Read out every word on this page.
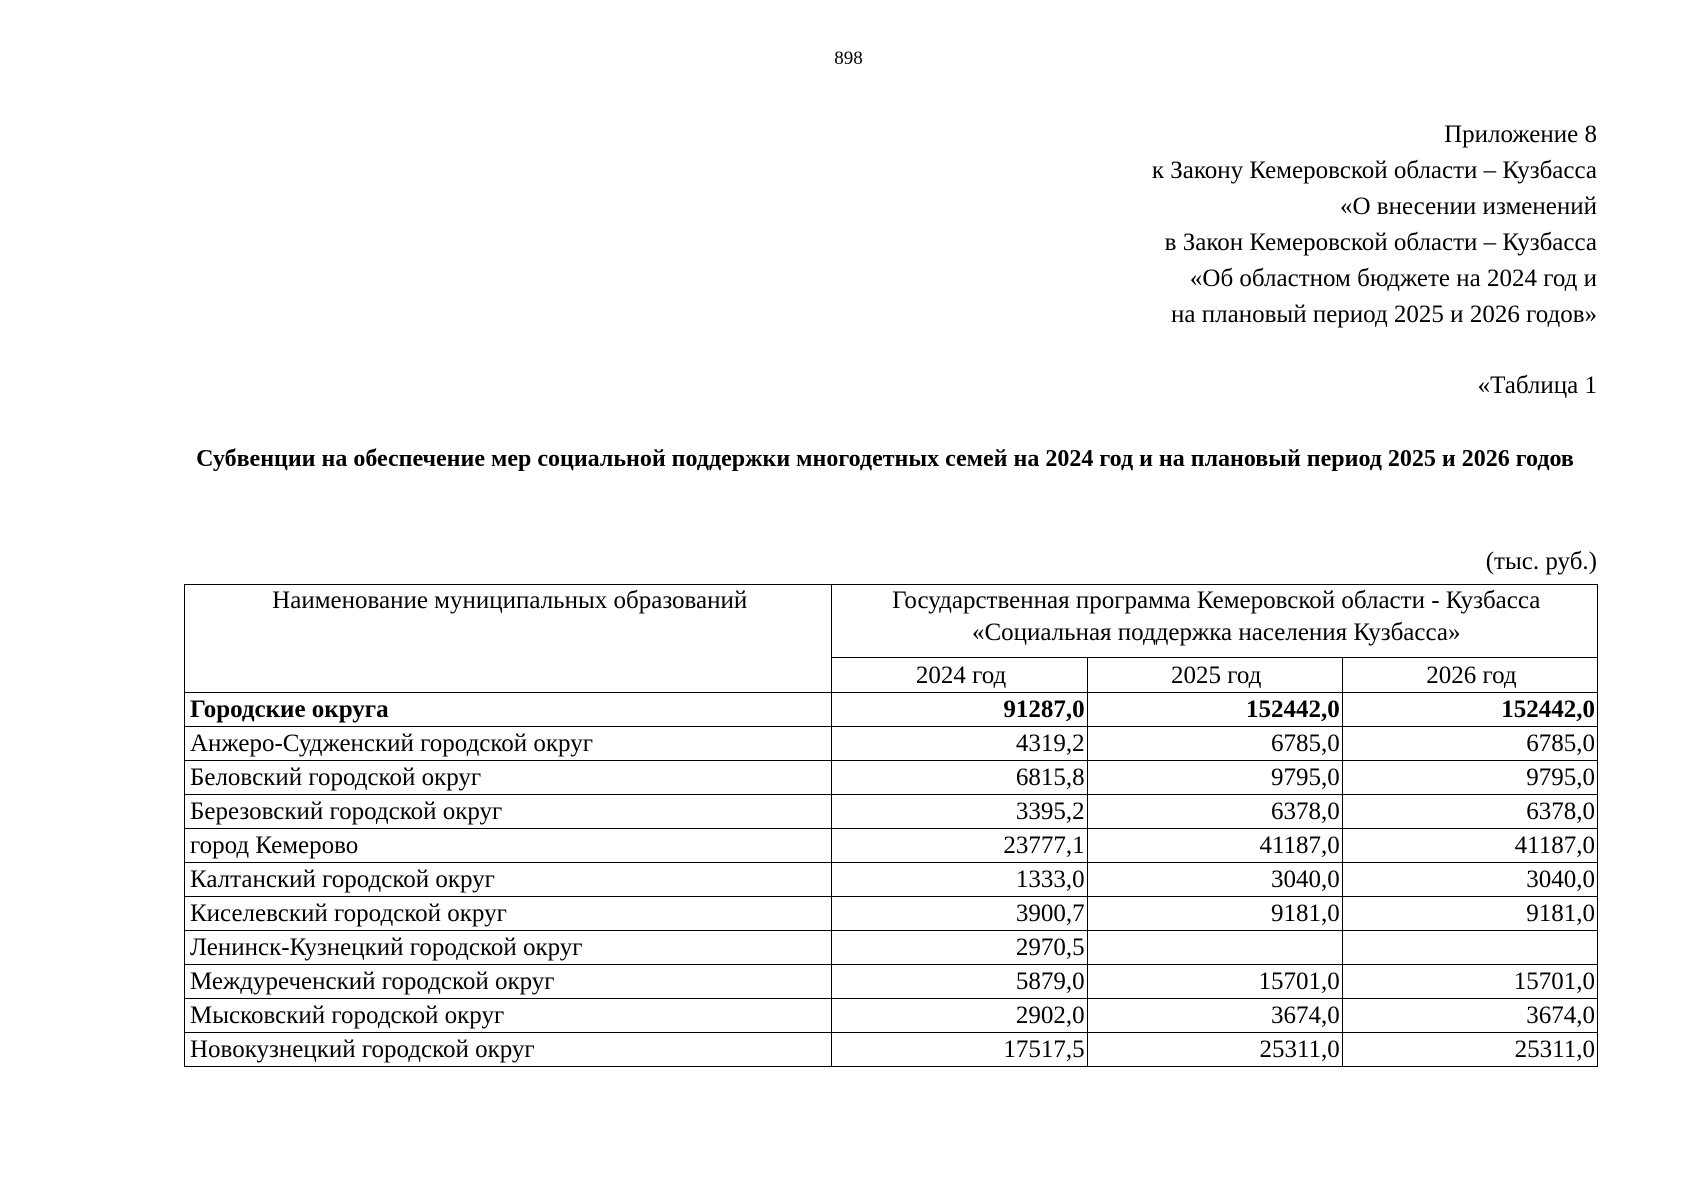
898
Приложение 8
к Закону Кемеровской области – Кузбасса
«О внесении изменений
в Закон Кемеровской области – Кузбасса
«Об областном бюджете на 2024 год и
на плановый период 2025 и 2026 годов»
«Таблица 1
Субвенции на обеспечение мер социальной поддержки многодетных семей на 2024 год и на плановый период 2025 и 2026 годов
(тыс. руб.)
Наименование муниципальных образований	Государственная программа Кемеровской области - Кузбасса
«Социальная поддержка населения Кузбасса»		

	2024 год	2025 год	2026 год
Городские округа	91287,0	152442,0	152442,0
Анжеро-Судженский городской округ	4319,2	6785,0	6785,0
Беловский городской округ	6815,8	9795,0	9795,0
Березовский городской округ	3395,2	6378,0	6378,0
город Кемерово	23777,1	41187,0	41187,0
Калтанский городской округ	1333,0	3040,0	3040,0
Киселевский городской округ	3900,7	9181,0	9181,0
Ленинск-Кузнецкий городской округ	2970,5		
Междуреченский городской округ	5879,0	15701,0	15701,0
Мысковский городской округ	2902,0	3674,0	3674,0
Новокузнецкий городской округ	17517,5	25311,0	25311,0
